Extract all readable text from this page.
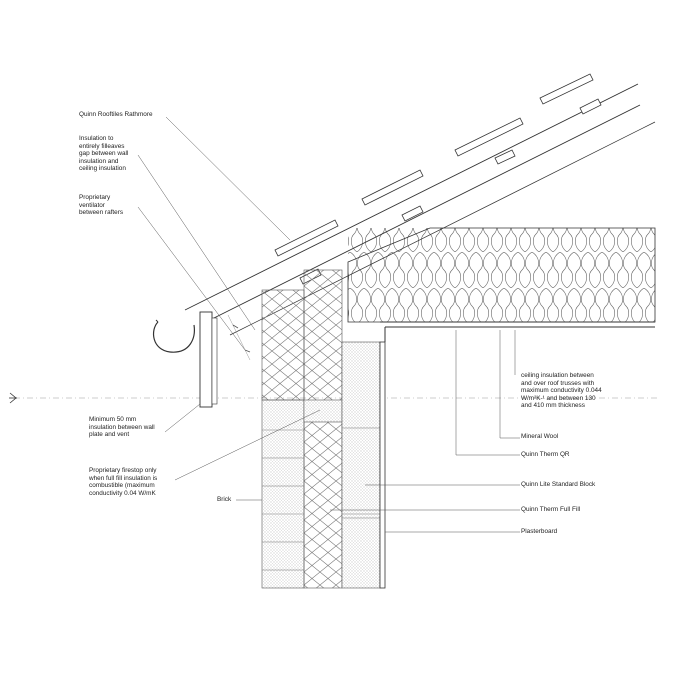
Quinn Rooftiles Rathmore
Insulation to
entirely filleaves
gap between wall
insulation and
ceiling insulation
Proprietary
ventilator
between rafters
Minimum 50 mm
insulation between wall
plate and vent
Proprietary firestop only
when full fill insulation is
combustible (maximum
conductivity 0.04 W/mK
Brick
ceiling insulation between
and over roof trusses with
maximum conductivity 0.044
W/m²K-¹ and between 130
and 410 mm thickness
Mineral Wool
Quinn Therm QR
Quinn Lite Standard Block
Quinn Therm Full Fill
Plasterboard
